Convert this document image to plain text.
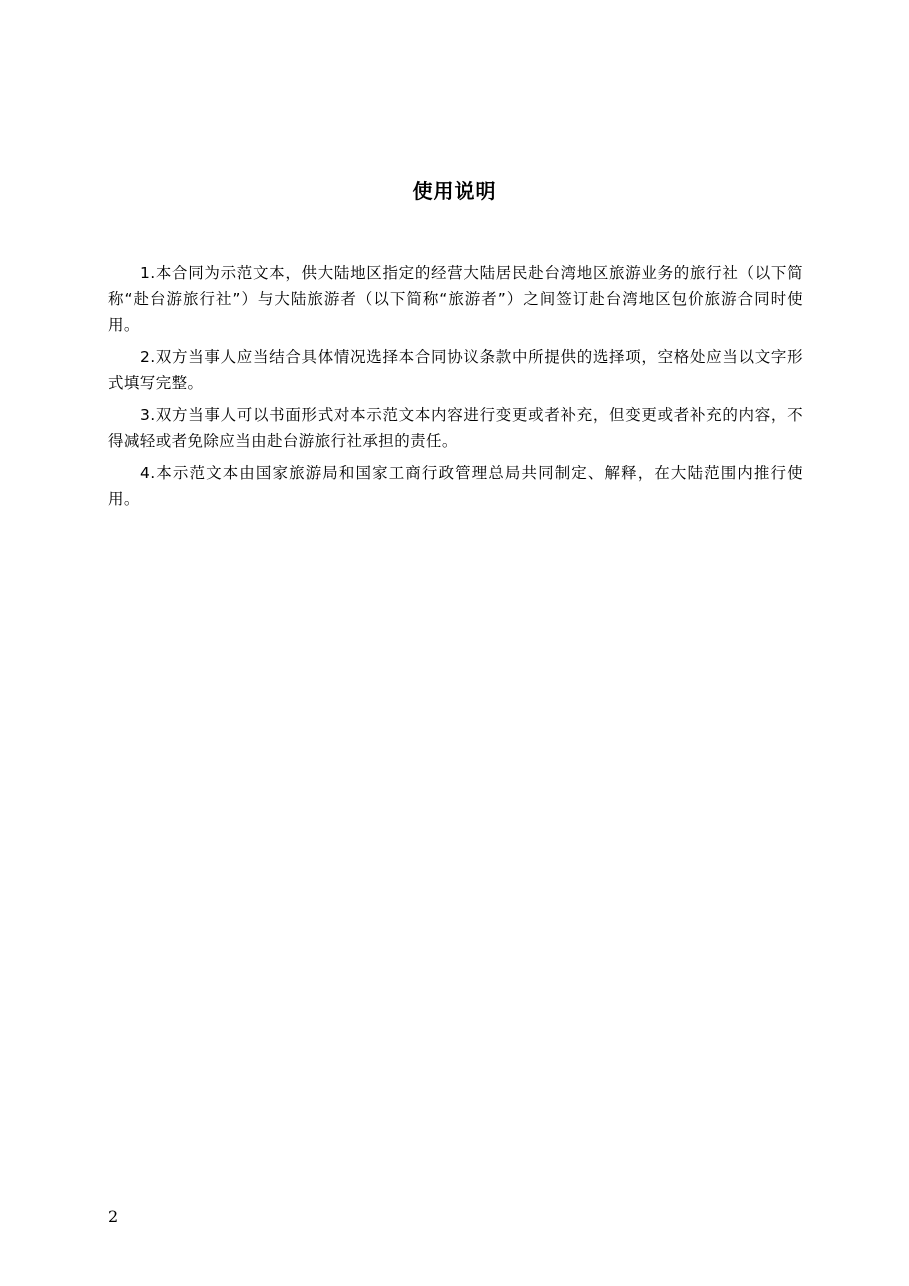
使用说明

1.本合同为示范文本，供大陆地区指定的经营大陆居民赴台湾地区旅游业务的旅行社（以下简称“赴台游旅行社”）与大陆旅游者（以下简称“旅游者”）之间签订赴台湾地区包价旅游合同时使用。

2.双方当事人应当结合具体情况选择本合同协议条款中所提供的选择项，空格处应当以文字形式填写完整。

3.双方当事人可以书面形式对本示范文本内容进行变更或者补充，但变更或者补充的内容，不得减轻或者免除应当由赴台游旅行社承担的责任。

4.本示范文本由国家旅游局和国家工商行政管理总局共同制定、解释，在大陆范围内推行使用。

2
